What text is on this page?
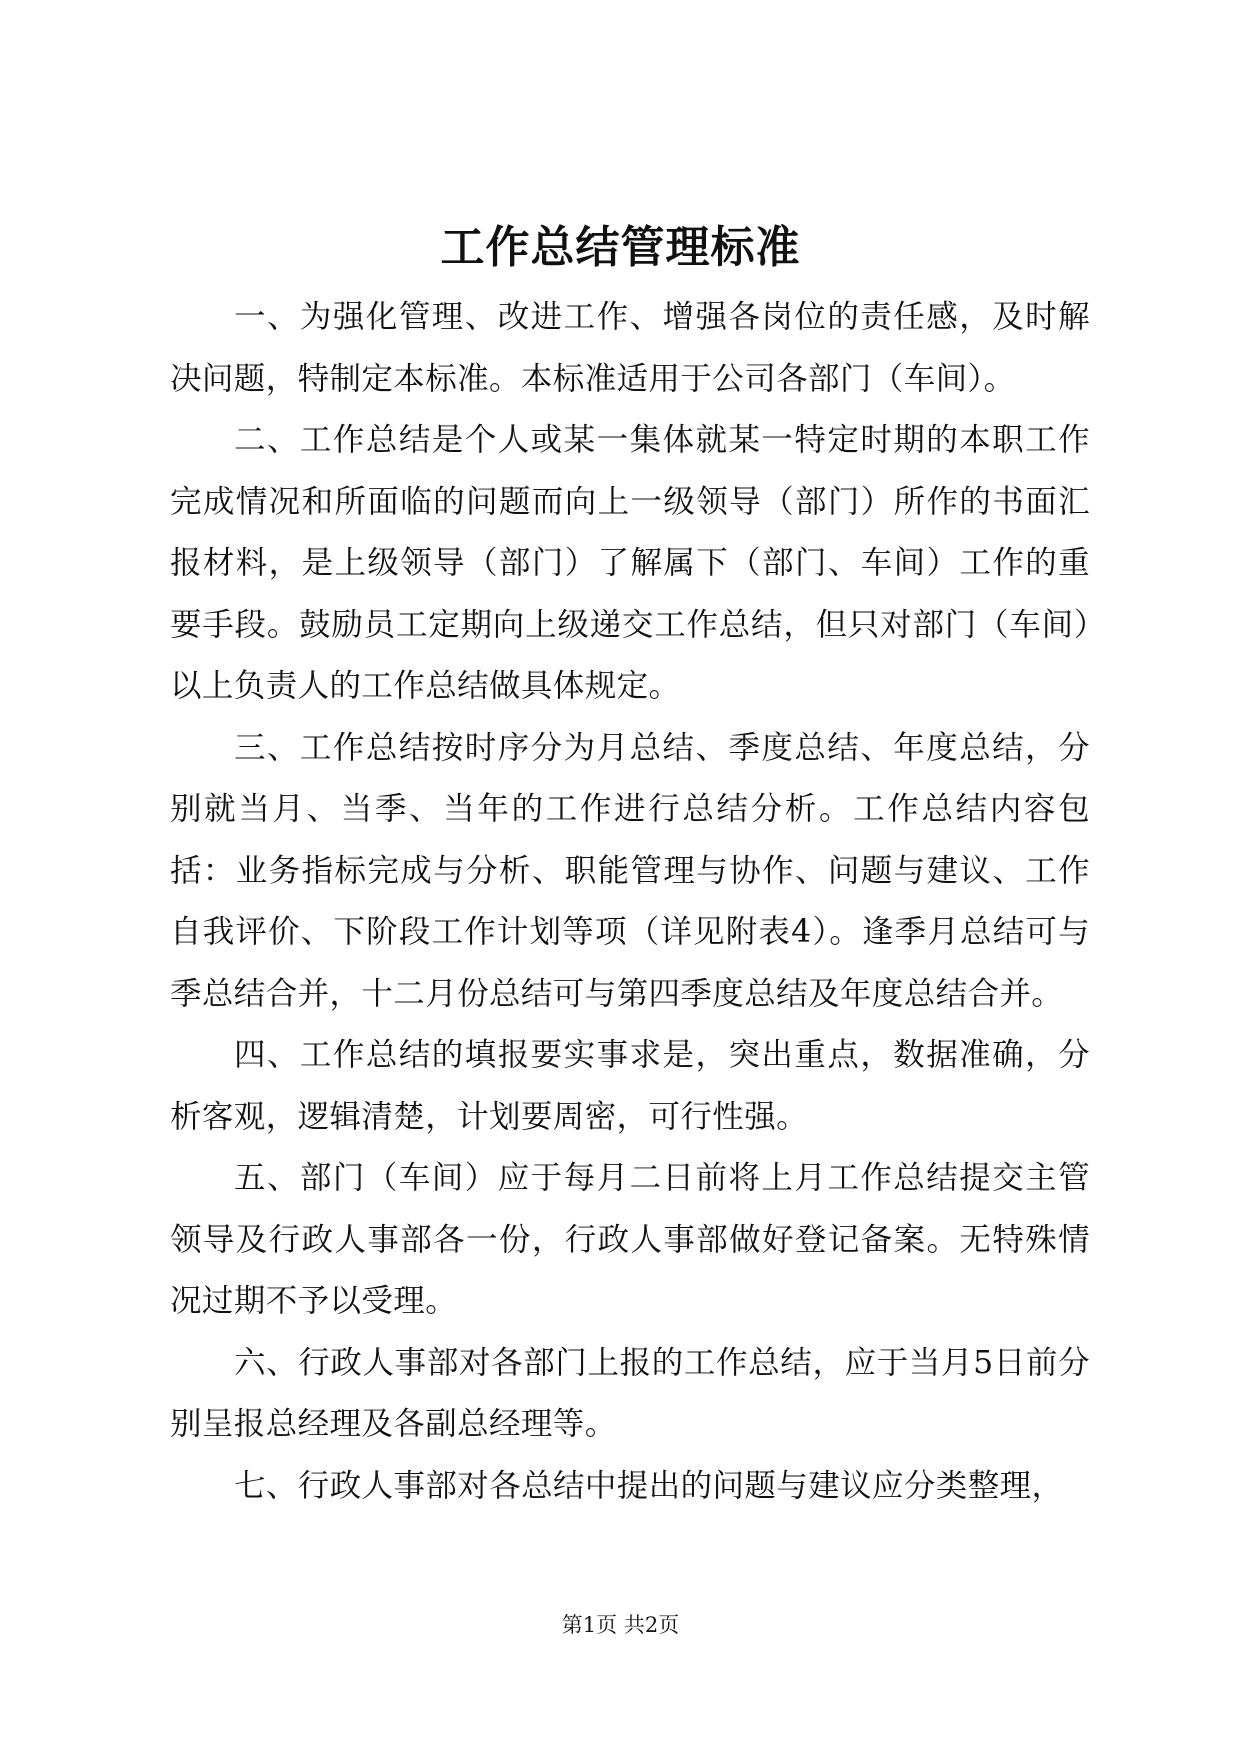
工作总结管理标准

一、为强化管理、改进工作、增强各岗位的责任感，及时解决问题，特制定本标准。本标准适用于公司各部门（车间）。

二、工作总结是个人或某一集体就某一特定时期的本职工作完成情况和所面临的问题而向上一级领导（部门）所作的书面汇报材料，是上级领导（部门）了解属下（部门、车间）工作的重要手段。鼓励员工定期向上级递交工作总结，但只对部门（车间）以上负责人的工作总结做具体规定。

三、工作总结按时序分为月总结、季度总结、年度总结，分别就当月、当季、当年的工作进行总结分析。工作总结内容包括：业务指标完成与分析、职能管理与协作、问题与建议、工作自我评价、下阶段工作计划等项（详见附表4）。逢季月总结可与季总结合并，十二月份总结可与第四季度总结及年度总结合并。

四、工作总结的填报要实事求是，突出重点，数据准确，分析客观，逻辑清楚，计划要周密，可行性强。

五、部门（车间）应于每月二日前将上月工作总结提交主管领导及行政人事部各一份，行政人事部做好登记备案。无特殊情况过期不予以受理。

六、行政人事部对各部门上报的工作总结，应于当月5日前分别呈报总经理及各副总经理等。

七、行政人事部对各总结中提出的问题与建议应分类整理，

第1页 共2页
